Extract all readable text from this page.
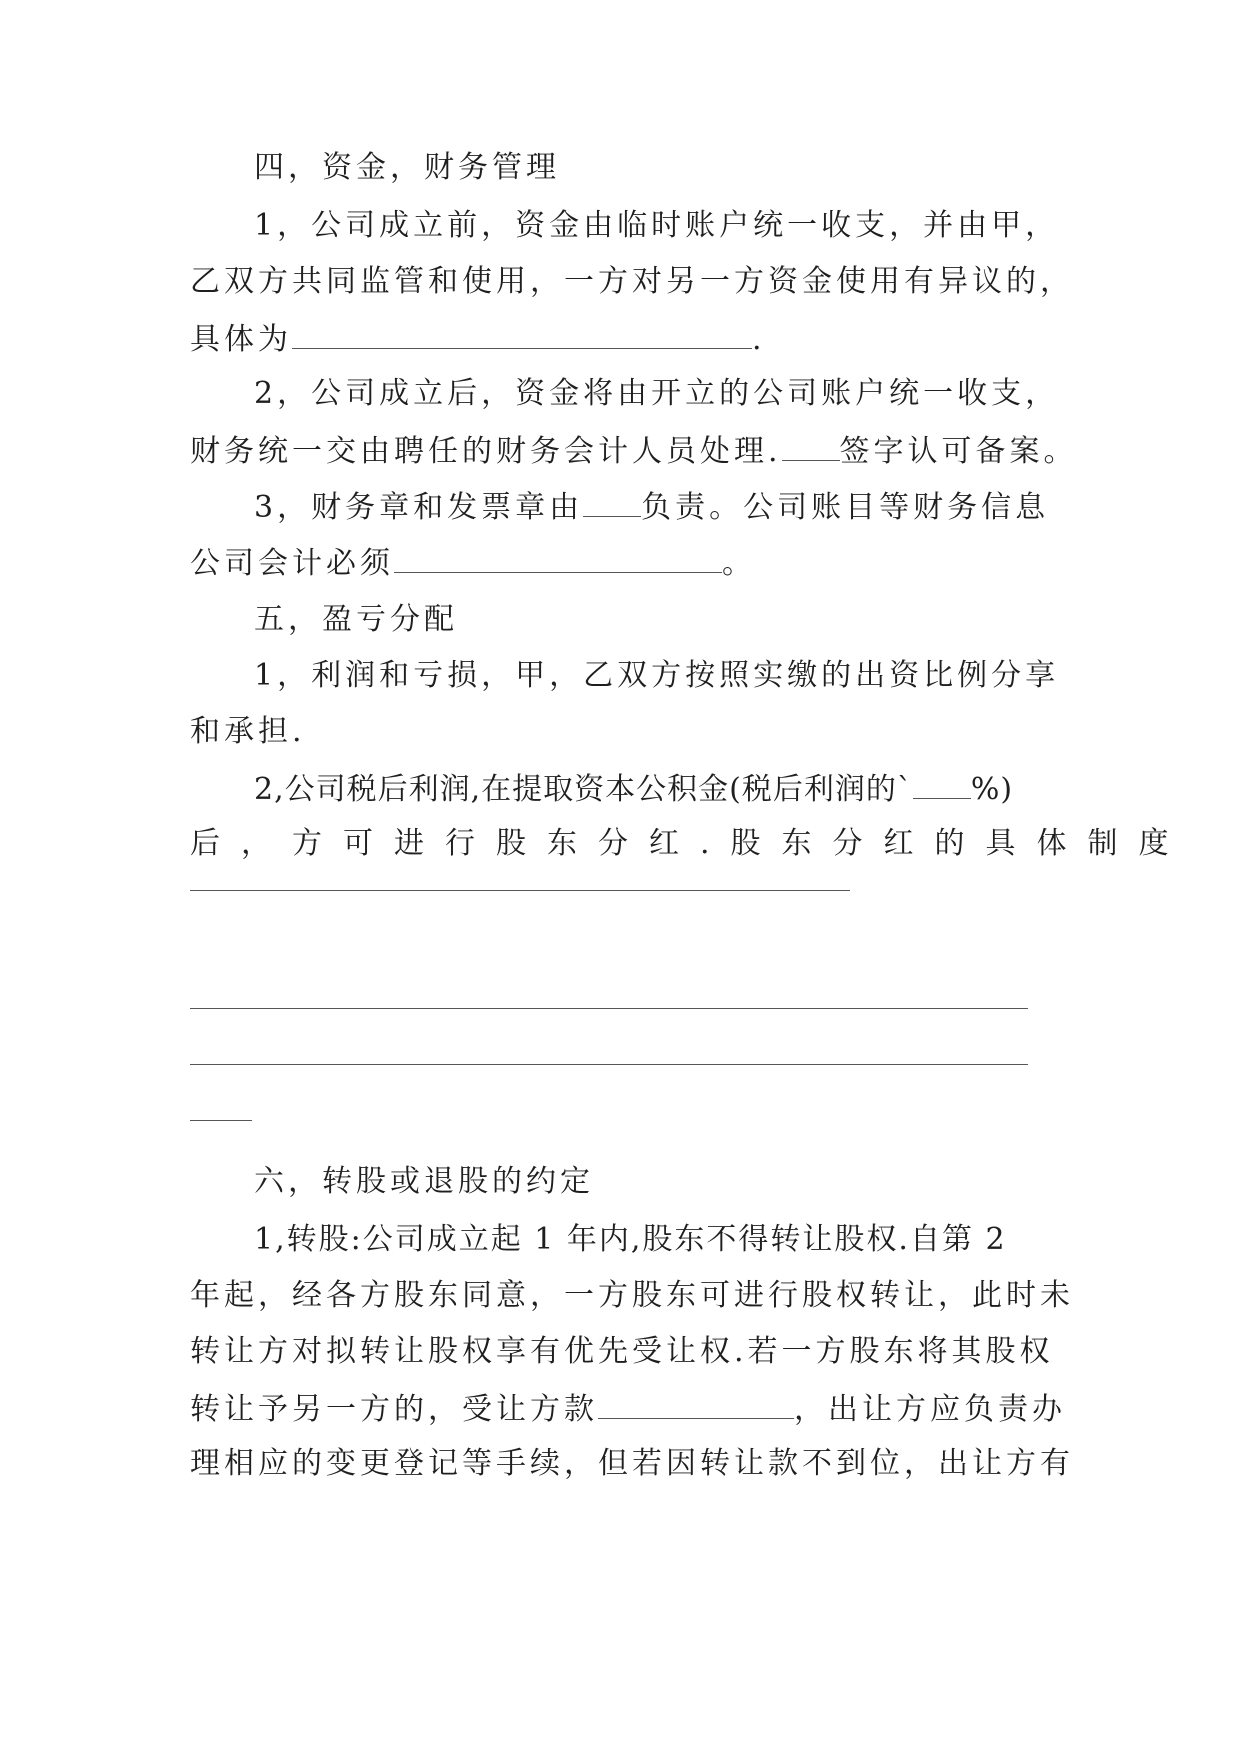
四，资金，财务管理
1，公司成立前，资金由临时账户统一收支，并由甲，
乙双方共同监管和使用，一方对另一方资金使用有异议的，
具体为	.
2，公司成立后，资金将由开立的公司账户统一收支，
财务统一交由聘任的财务会计人员处理. 签字认可备案。
3，财务章和发票章由 负责。公司账目等财务信息
公司会计必须	。
五，盈亏分配
1，利润和亏损，甲，乙双方按照实缴的出资比例分享
和承担.
2,公司税后利润,在提取资本公积金(税后利润的` %)
后，方可进行股东分红.股东分红的具体制度
六，转股或退股的约定
1,转股:公司成立起 1 年内,股东不得转让股权.自第 2
年起，经各方股东同意，一方股东可进行股权转让，此时未
转让方对拟转让股权享有优先受让权.若一方股东将其股权
转让予另一方的，受让方款	，出让方应负责办
理相应的变更登记等手续，但若因转让款不到位，出让方有
